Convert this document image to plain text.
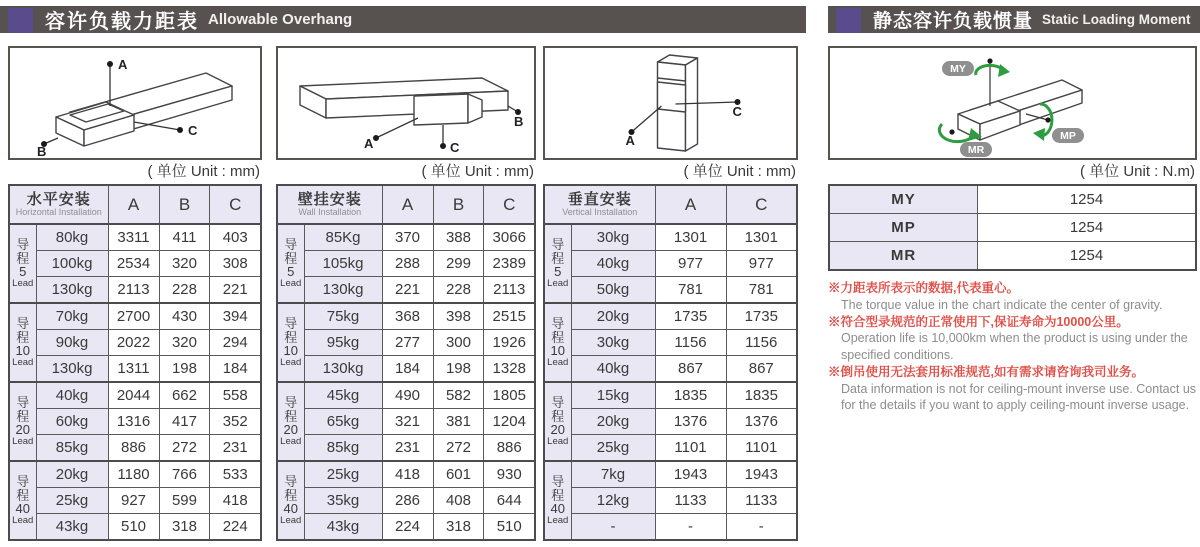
容许负载力距表 Allowable Overhang	静态容许负载惯量 Static Loading Moment
A
B
C
( 单位 Unit : mm)
水平安装
Horizontal Installation		A	B	C

导
程
5
Lead	80kg	3311	411	403
	100kg	2534	320	308
	130kg	2113	228	221

导
程
10
Lead	70kg	2700	430	394
	90kg	2022	320	294
	130kg	1311	198	184

导
程
20
Lead	40kg	2044	662	558
	60kg	1316	417	352
	85kg	886	272	231

导
程
40
Lead	20kg	1180	766	533
	25kg	927	599	418
	43kg	510	318	224
A
B
C
( 单位 Unit : mm)
壁挂安装
Wall Installation		A	B	C

导
程
5
Lead	85Kg	370	388	3066
	105kg	288	299	2389
	130kg	221	228	2113

导
程
10
Lead	75kg	368	398	2515
	95kg	277	300	1926
	130kg	184	198	1328

导
程
20
Lead	45kg	490	582	1805
	65kg	321	381	1204
	85kg	231	272	886

导
程
40
Lead	25kg	418	601	930
	35kg	286	408	644
	43kg	224	318	510
A
C
( 单位 Unit : mm)
垂直安装
Vertical Installation		A	C

导
程
5
Lead	30kg	1301	1301
	40kg	977	977
	50kg	781	781

导
程
10
Lead	20kg	1735	1735
	30kg	1156	1156
	40kg	867	867

导
程
20
Lead	15kg	1835	1835
	20kg	1376	1376
	25kg	1101	1101

导
程
40
Lead	7kg	1943	1943
	12kg	1133	1133
	-	-	-
MY
MP
MR
( 单位 Unit : N.m)
MY	1254
MP	1254
MR	1254
※力距表所表示的数据,代表重心。
The torque value in the chart indicate the center of gravity.
※符合型录规范的正常使用下,保证寿命为10000公里。
Operation life is 10,000km when the product is using under the specified conditions.
※倒吊使用无法套用标准规范,如有需求请咨询我司业务。
Data information is not for ceiling-mount inverse use. Contact us for the details if you want to apply ceiling-mount inverse usage.
